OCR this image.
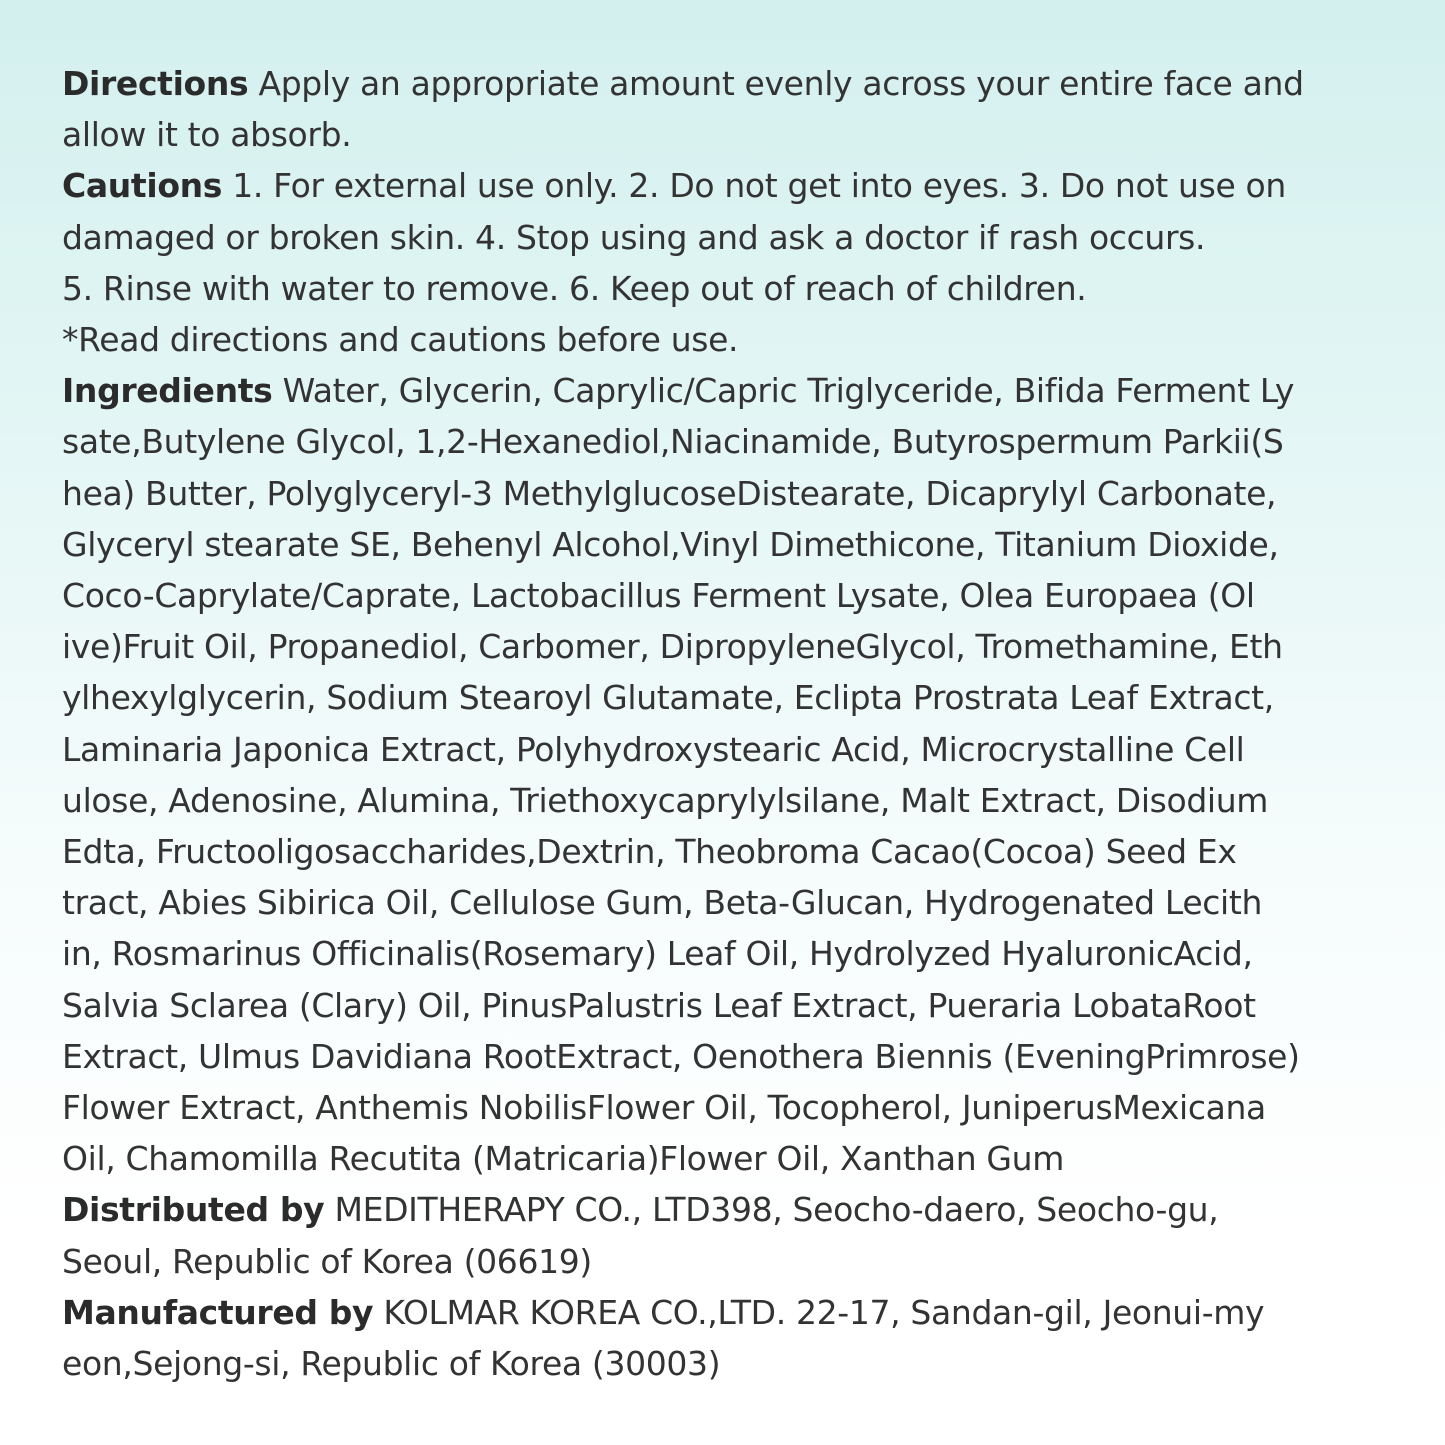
Directions Apply an appropriate amount evenly across your entire face and
allow it to absorb.
Cautions 1. For external use only. 2. Do not get into eyes. 3. Do not use on
damaged or broken skin. 4. Stop using and ask a doctor if rash occurs.
5. Rinse with water to remove. 6. Keep out of reach of children.
*Read directions and cautions before use.
Ingredients Water, Glycerin, Caprylic/Capric Triglyceride, Bifida Ferment Ly
sate,Butylene Glycol, 1,2-Hexanediol,Niacinamide, Butyrospermum Parkii(S
hea) Butter, Polyglyceryl-3 MethylglucoseDistearate, Dicaprylyl Carbonate,
Glyceryl stearate SE, Behenyl Alcohol,Vinyl Dimethicone, Titanium Dioxide,
Coco-Caprylate/Caprate, Lactobacillus Ferment Lysate, Olea Europaea (Ol
ive)Fruit Oil, Propanediol, Carbomer, DipropyleneGlycol, Tromethamine, Eth
ylhexylglycerin, Sodium Stearoyl Glutamate, Eclipta Prostrata Leaf Extract,
Laminaria Japonica Extract, Polyhydroxystearic Acid, Microcrystalline Cell
ulose, Adenosine, Alumina, Triethoxycaprylylsilane, Malt Extract, Disodium
Edta, Fructooligosaccharides,Dextrin, Theobroma Cacao(Cocoa) Seed Ex
tract, Abies Sibirica Oil, Cellulose Gum, Beta-Glucan, Hydrogenated Lecith
in, Rosmarinus Officinalis(Rosemary) Leaf Oil, Hydrolyzed HyaluronicAcid,
Salvia Sclarea (Clary) Oil, PinusPalustris Leaf Extract, Pueraria LobataRoot
Extract, Ulmus Davidiana RootExtract, Oenothera Biennis (EveningPrimrose)
Flower Extract, Anthemis NobilisFlower Oil, Tocopherol, JuniperusMexicana
Oil, Chamomilla Recutita (Matricaria)Flower Oil, Xanthan Gum
Distributed by MEDITHERAPY CO., LTD398, Seocho-daero, Seocho-gu,
Seoul, Republic of Korea (06619)
Manufactured by KOLMAR KOREA CO.,LTD. 22-17, Sandan-gil, Jeonui-my
eon,Sejong-si, Republic of Korea (30003)
